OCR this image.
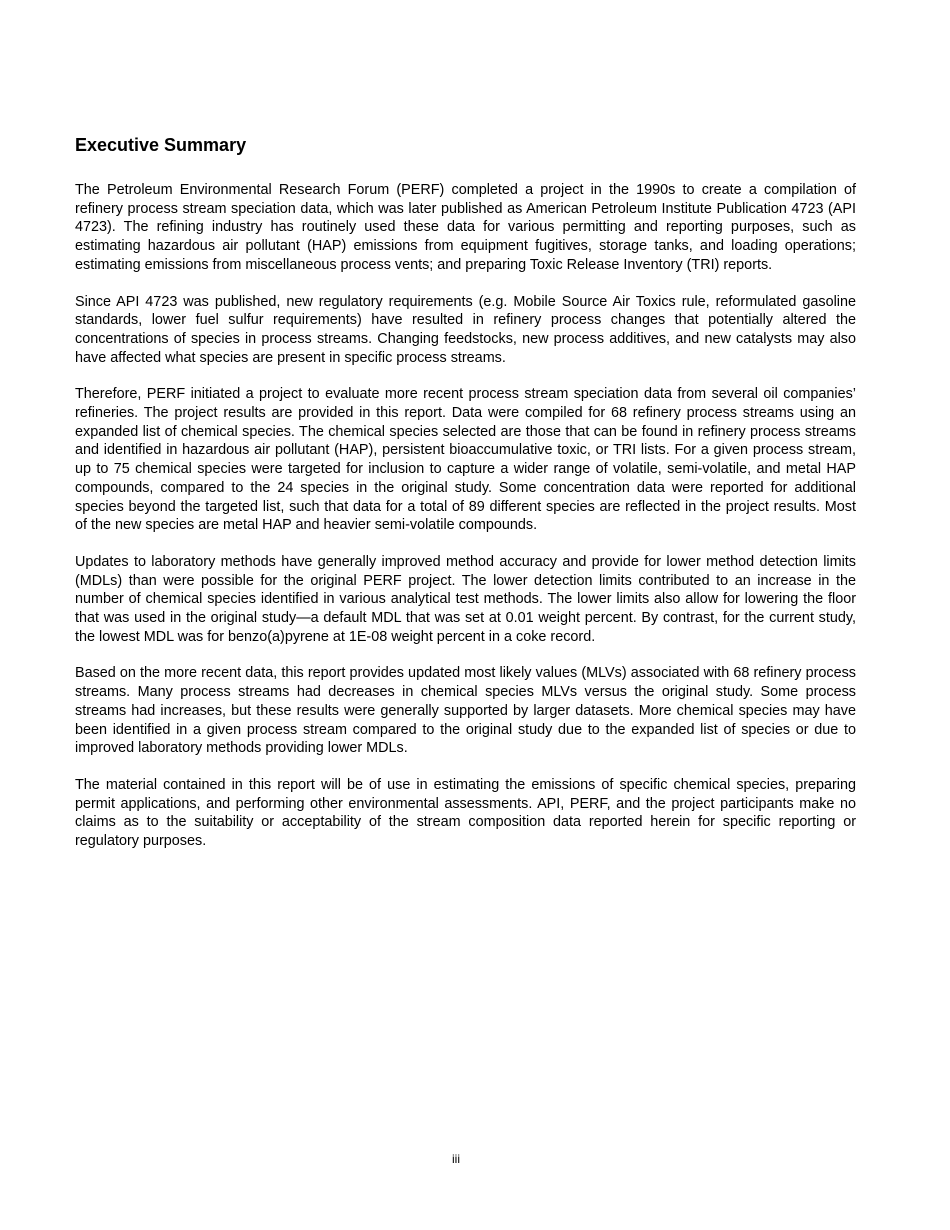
Executive Summary

The Petroleum Environmental Research Forum (PERF) completed a project in the 1990s to create a compilation of refinery process stream speciation data, which was later published as American Petroleum Institute Publication 4723 (API 4723). The refining industry has routinely used these data for various permitting and reporting purposes, such as estimating hazardous air pollutant (HAP) emissions from equipment fugitives, storage tanks, and loading operations; estimating emissions from miscellaneous process vents; and preparing Toxic Release Inventory (TRI) reports.

Since API 4723 was published, new regulatory requirements (e.g. Mobile Source Air Toxics rule, reformulated gasoline standards, lower fuel sulfur requirements) have resulted in refinery process changes that potentially altered the concentrations of species in process streams. Changing feedstocks, new process additives, and new catalysts may also have affected what species are present in specific process streams.

Therefore, PERF initiated a project to evaluate more recent process stream speciation data from several oil companies’ refineries. The project results are provided in this report. Data were compiled for 68 refinery process streams using an expanded list of chemical species. The chemical species selected are those that can be found in refinery process streams and identified in hazardous air pollutant (HAP), persistent bioaccumulative toxic, or TRI lists. For a given process stream, up to 75 chemical species were targeted for inclusion to capture a wider range of volatile, semi-volatile, and metal HAP compounds, compared to the 24 species in the original study. Some concentration data were reported for additional species beyond the targeted list, such that data for a total of 89 different species are reflected in the project results. Most of the new species are metal HAP and heavier semi-volatile compounds.

Updates to laboratory methods have generally improved method accuracy and provide for lower method detection limits (MDLs) than were possible for the original PERF project. The lower detection limits contributed to an increase in the number of chemical species identified in various analytical test methods. The lower limits also allow for lowering the floor that was used in the original study—a default MDL that was set at 0.01 weight percent. By contrast, for the current study, the lowest MDL was for benzo(a)pyrene at 1E-08 weight percent in a coke record.

Based on the more recent data, this report provides updated most likely values (MLVs) associated with 68 refinery process streams. Many process streams had decreases in chemical species MLVs versus the original study. Some process streams had increases, but these results were generally supported by larger datasets. More chemical species may have been identified in a given process stream compared to the original study due to the expanded list of species or due to improved laboratory methods providing lower MDLs.

The material contained in this report will be of use in estimating the emissions of specific chemical species, preparing permit applications, and performing other environmental assessments. API, PERF, and the project participants make no claims as to the suitability or acceptability of the stream composition data reported herein for specific reporting or regulatory purposes.

iii
